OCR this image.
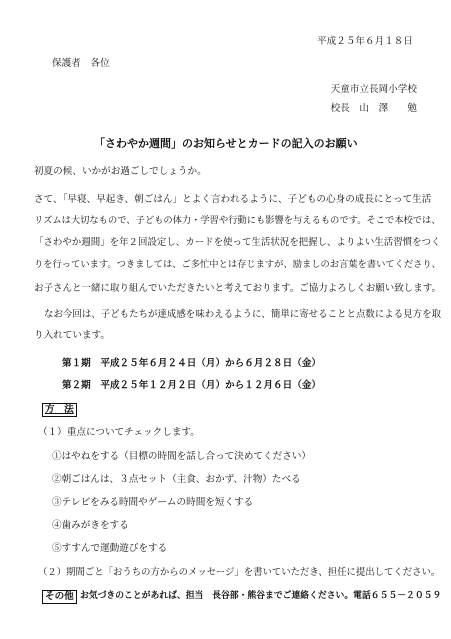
平成２５年６月１８日
保護者　各位
天童市立長岡小学校
校長　山　澤　　勉
「さわやか週間」のお知らせとカードの記入のお願い
初夏の候、いかがお過ごしでしょうか。
さて、「早寝、早起き、朝ごはん」とよく言われるように、子どもの心身の成長にとって生活
リズムは大切なもので、子どもの体力・学習や行動にも影響を与えるものです。そこで本校では、
「さわやか週間」を年２回設定し、カードを使って生活状況を把握し、よりよい生活習慣をつく
りを行っています。つきましては、ご多忙中とは存じますが、励ましのお言葉を書いてくださり、
お子さんと一緒に取り組んでいただきたいと考えております。ご協力よろしくお願い致します。
なお今回は、子どもたちが達成感を味わえるように、簡単に寄せることと点数による見方を取
り入れています。
第１期　平成２５年６月２４日（月）から６月２８日（金）
第２期　平成２５年１２月２日（月）から１２月６日（金）
方　法
（１）重点についてチェックします。
①はやねをする（目標の時間を話し合って決めてください）
②朝ごはんは、３点セット（主食、おかず、汁物）たべる
③テレビをみる時間やゲームの時間を短くする
④歯みがきをする
⑤すすんで運動遊びをする
（２）期間ごと「おうちの方からのメッセージ」を書いていただき、担任に提出してください。
その他 お気づきのことがあれば、担当　長谷部・熊谷までご連絡ください。電話６５５－２０５９
